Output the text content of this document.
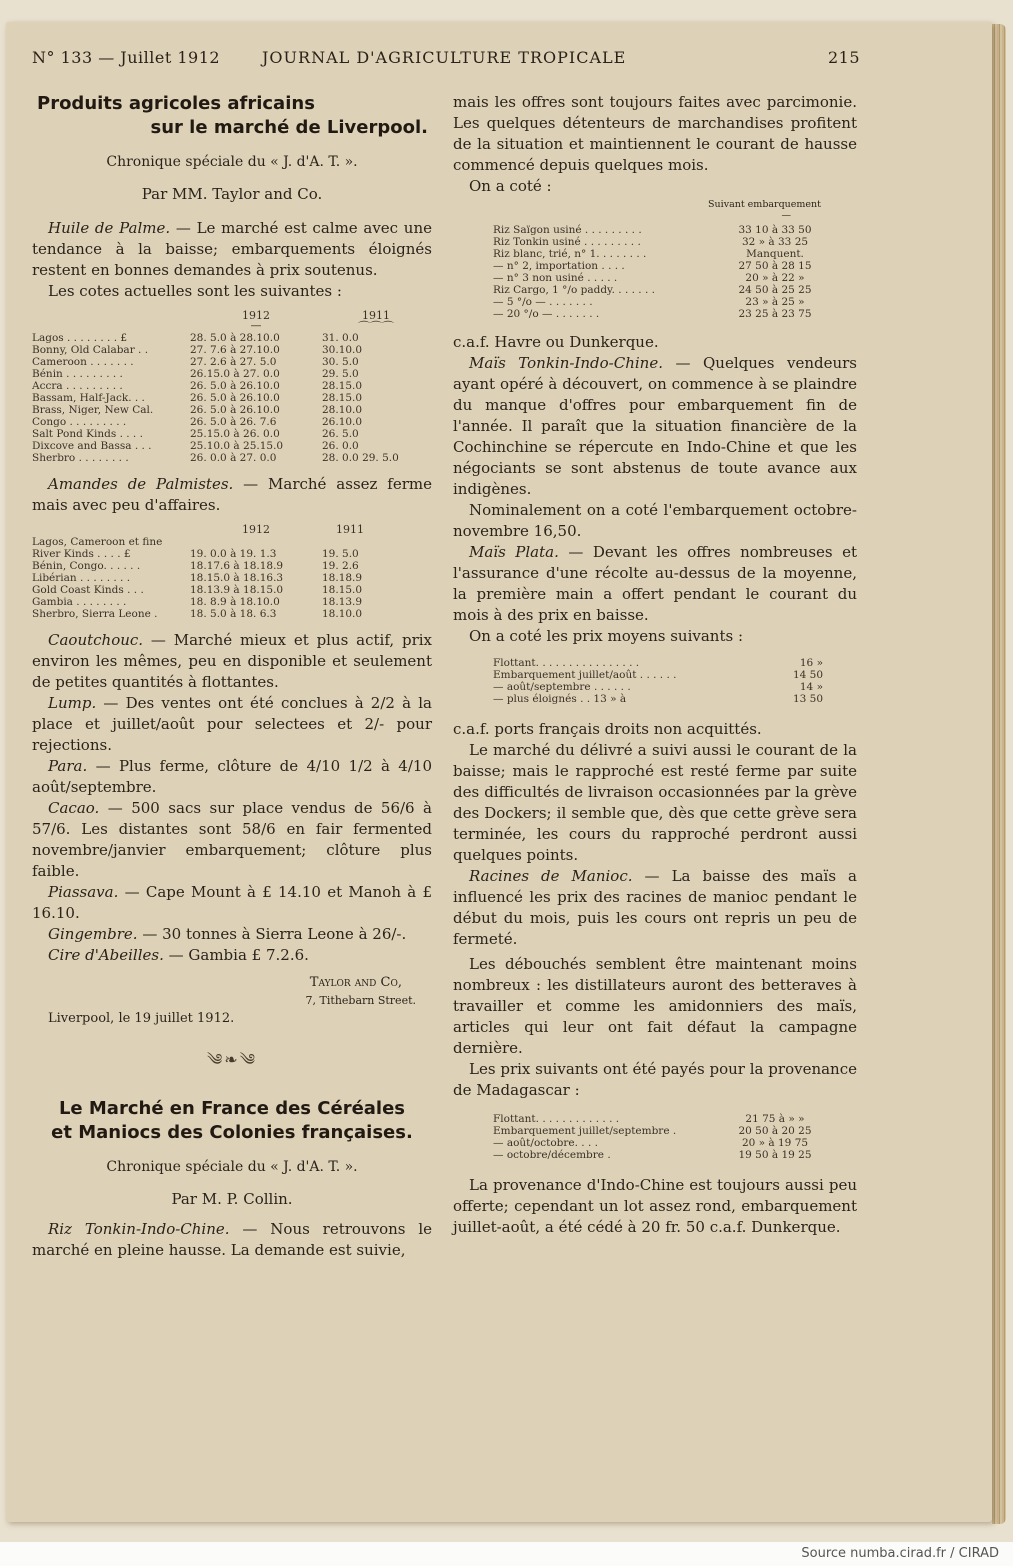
N° 133 — Juillet 1912	JOURNAL D'AGRICULTURE TROPICALE	215
Produits agricoles africains
sur le marché de Liverpool.
Chronique spéciale du « J. d'A. T. ».
Par MM. Taylor and Co.

Huile de Palme. — Le marché est calme avec une tendance à la baisse; embarquements éloignés restent en bonnes demandes à prix soutenus.

Les cotes actuelles sont les suivantes :

	1912
—	1911
⌒⌒⌒

Lagos . . . . . . . . £	28. 5.0 à 28.10.0	31. 0.0
Bonny, Old Calabar . .	27. 7.6 à 27.10.0	30.10.0
Cameroon . . . . . . .	27. 2.6 à 27. 5.0	30. 5.0
Bénin . . . . . . . . .	26.15.0 à 27. 0.0	29. 5.0
Accra . . . . . . . . .	26. 5.0 à 26.10.0	28.15.0
Bassam, Half-Jack. . .	26. 5.0 à 26.10.0	28.15.0
Brass, Niger, New Cal.	26. 5.0 à 26.10.0	28.10.0
Congo . . . . . . . . .	26. 5.0 à 26. 7.6	26.10.0
Salt Pond Kinds . . . .	25.15.0 à 26. 0.0	26. 5.0
Dixcove and Bassa . . .	25.10.0 à 25.15.0	26. 0.0
Sherbro . . . . . . . .	26. 0.0 à 27. 0.0	28. 0.0 29. 5.0

Amandes de Palmistes. — Marché assez ferme mais avec peu d'affaires.

	1912	1911

Lagos, Cameroon et fine		
River Kinds . . . . £	19. 0.0 à 19. 1.3	19. 5.0
Bénin, Congo. . . . . .	18.17.6 à 18.18.9	19. 2.6
Libérian . . . . . . . .	18.15.0 à 18.16.3	18.18.9
Gold Coast Kinds . . .	18.13.9 à 18.15.0	18.15.0
Gambia . . . . . . . .	18. 8.9 à 18.10.0	18.13.9
Sherbro, Sierra Leone .	18. 5.0 à 18. 6.3	18.10.0

Caoutchouc. — Marché mieux et plus actif, prix environ les mêmes, peu en disponible et seulement de petites quantités à flottantes.

Lump. — Des ventes ont été conclues à 2/2 à la place et juillet/août pour selectees et 2/- pour rejections.

Para. — Plus ferme, clôture de 4/10 1/2 à 4/10 août/septembre.

Cacao. — 500 sacs sur place vendus de 56/6 à 57/6. Les distantes sont 58/6 en fair fermented novembre/janvier embarquement; clôture plus faible.

Piassava. — Cape Mount à £ 14.10 et Manoh à £ 16.10.

Gingembre. — 30 tonnes à Sierra Leone à 26/-.

Cire d'Abeilles. — Gambia £ 7.2.6.

Taylor and Co,
7, Tithebarn Street.
Liverpool, le 19 juillet 1912.
༄❧༄
Le Marché en France des Céréales
et Maniocs des Colonies françaises.
Chronique spéciale du « J. d'A. T. ».
Par M. P. Collin.

Riz Tonkin-Indo-Chine. — Nous retrouvons le marché en pleine hausse. La demande est suivie,

mais les offres sont toujours faites avec parcimonie. Les quelques détenteurs de marchandises profitent de la situation et maintiennent le courant de hausse commencé depuis quelques mois.

On a coté :

Suivant embarquement
—
Riz Saïgon usiné . . . . . . . . .	33 10 à 33 50
Riz Tonkin usiné . . . . . . . . .	32 » à 33 25
Riz blanc, trié, n° 1. . . . . . . .	Manquent.
— n° 2, importation . . . .	27 50 à 28 15
— n° 3 non usiné . . . . .	20 » à 22 »
Riz Cargo, 1 °/o paddy. . . . . . .	24 50 à 25 25
— 5 °/o — . . . . . . .	23 » à 25 »
— 20 °/o — . . . . . . .	23 25 à 23 75

c.a.f. Havre ou Dunkerque.

Maïs Tonkin-Indo-Chine. — Quelques vendeurs ayant opéré à découvert, on commence à se plaindre du manque d'offres pour embarquement fin de l'année. Il paraît que la situation financière de la Cochinchine se répercute en Indo-Chine et que les négociants se sont abstenus de toute avance aux indigènes.

Nominalement on a coté l'embarquement octobre-novembre 16,50.

Maïs Plata. — Devant les offres nombreuses et l'assurance d'une récolte au-dessus de la moyenne, la première main a offert pendant le courant du mois à des prix en baisse.

On a coté les prix moyens suivants :

Flottant. . . . . . . . . . . . . . . .	16 »
Embarquement juillet/août . . . . . .	14 50
— août/septembre . . . . . .	14 »
— plus éloignés . . 13 » à	13 50

c.a.f. ports français droits non acquittés.

Le marché du délivré a suivi aussi le courant de la baisse; mais le rapproché est resté ferme par suite des difficultés de livraison occasionnées par la grève des Dockers; il semble que, dès que cette grève sera terminée, les cours du rapproché perdront aussi quelques points.

Racines de Manioc. — La baisse des maïs a influencé les prix des racines de manioc pendant le début du mois, puis les cours ont repris un peu de fermeté.

Les débouchés semblent être maintenant moins nombreux : les distillateurs auront des betteraves à travailler et comme les amidonniers des maïs, articles qui leur ont fait défaut la campagne dernière.

Les prix suivants ont été payés pour la provenance de Madagascar :

Flottant. . . . . . . . . . . . .	21 75 à » »
Embarquement juillet/septembre .	20 50 à 20 25
— août/octobre. . . .	20 » à 19 75
— octobre/décembre .	19 50 à 19 25

La provenance d'Indo-Chine est toujours aussi peu offerte; cependant un lot assez rond, embarquement juillet-août, a été cédé à 20 fr. 50 c.a.f. Dunkerque.

Source numba.cirad.fr / CIRAD
